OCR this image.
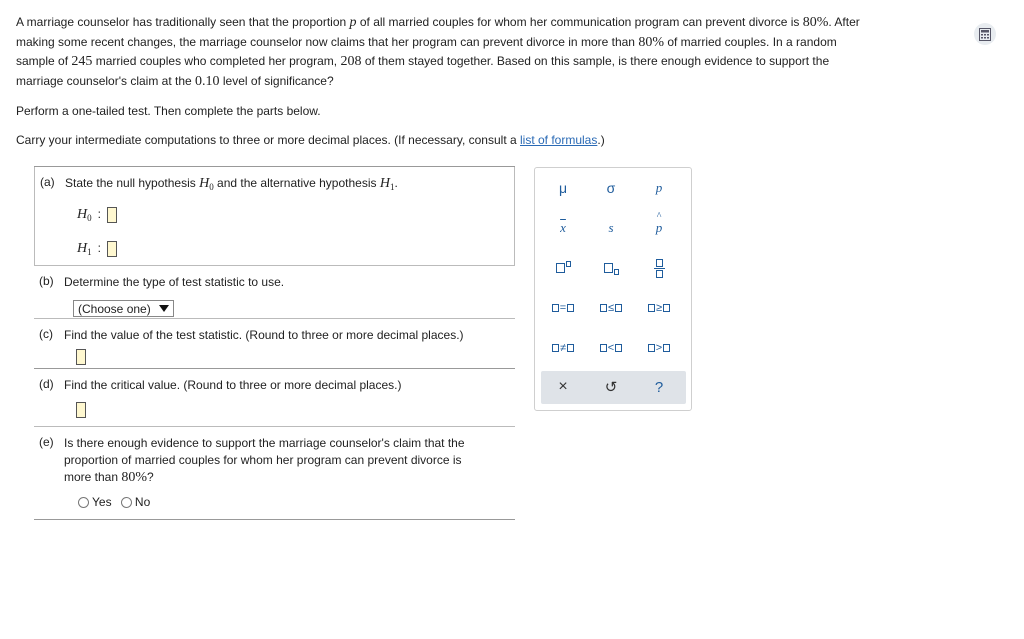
A marriage counselor has traditionally seen that the proportion p of all married couples for whom her communication program can prevent divorce is 80%. After

making some recent changes, the marriage counselor now claims that her program can prevent divorce in more than 80% of married couples. In a random

sample of 245 married couples who completed her program, 208 of them stayed together. Based on this sample, is there enough evidence to support the

marriage counselor's claim at the 0.10 level of significance?

Perform a one-tailed test. Then complete the parts below.
Carry your intermediate computations to three or more decimal places. (If necessary, consult a list of formulas.)
(a) State the null hypothesis $H_0$ and the alternative hypothesis $H_1$.
$H_0$ :
$H_1$ :
(b) Determine the type of test statistic to use.
(Choose one)
(c) Find the value of the test statistic. (Round to three or more decimal places.)
(d) Find the critical value. (Round to three or more decimal places.)
(e) Is there enough evidence to support the marriage counselor's claim that the
proportion of married couples for whom her program can prevent divorce is
more than 80%?
Yes
No
μ	σ	p
$\overline{x}$	s
^
p
=	≤	≥
≠	<	>
×	↺	?
